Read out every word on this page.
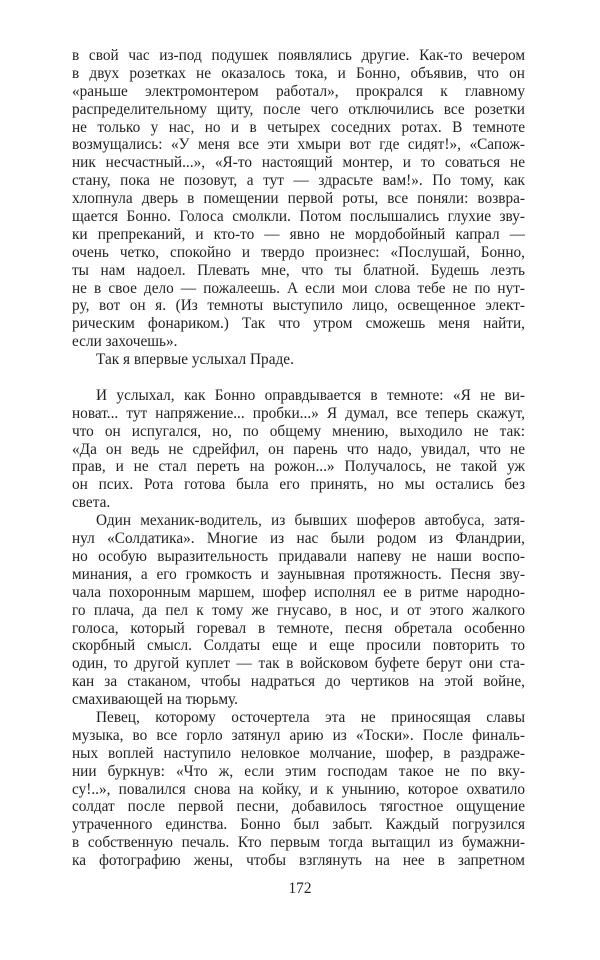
в свой час из-под подушек появлялись другие. Как-то вечером
в двух розетках не оказалось тока, и Бонно, объявив, что он
«раньше электромонтером работал», прокрался к главному
распределительному щиту, после чего отключились все розетки
не только у нас, но и в четырех соседних ротах. В темноте
возмущались: «У меня все эти хмыри вот где сидят!», «Сапож-
ник несчастный...», «Я-то настоящий монтер, и то соваться не
стану, пока не позовут, а тут — здрасьте вам!». По тому, как
хлопнула дверь в помещении первой роты, все поняли: возвра-
щается Бонно. Голоса смолкли. Потом послышались глухие зву-
ки препреканий, и кто-то — явно не мордобойный капрал —
очень четко, спокойно и твердо произнес: «Послушай, Бонно,
ты нам надоел. Плевать мне, что ты блатной. Будешь лезть
не в свое дело — пожалеешь. А если мои слова тебе не по нут-
ру, вот он я. (Из темноты выступило лицо, освещенное элект-
рическим фонариком.) Так что утром сможешь меня найти,
если захочешь».
Так я впервые услыхал Праде.
И услыхал, как Бонно оправдывается в темноте: «Я не ви-
новат... тут напряжение... пробки...» Я думал, все теперь скажут,
что он испугался, но, по общему мнению, выходило не так:
«Да он ведь не сдрейфил, он парень что надо, увидал, что не
прав, и не стал переть на рожон...» Получалось, не такой уж
он псих. Рота готова была его принять, но мы остались без
света.
Один механик-водитель, из бывших шоферов автобуса, затя-
нул «Солдатика». Многие из нас были родом из Фландрии,
но особую выразительность придавали напеву не наши воспо-
минания, а его громкость и заунывная протяжность. Песня зву-
чала похоронным маршем, шофер исполнял ее в ритме народно-
го плача, да пел к тому же гнусаво, в нос, и от этого жалкого
голоса, который горевал в темноте, песня обретала особенно
скорбный смысл. Солдаты еще и еще просили повторить то
один, то другой куплет — так в войсковом буфете берут они ста-
кан за стаканом, чтобы надраться до чертиков на этой войне,
смахивающей на тюрьму.
Певец, которому осточертела эта не приносящая славы
музыка, во все горло затянул арию из «Тоски». После финаль-
ных воплей наступило неловкое молчание, шофер, в раздраже-
нии буркнув: «Что ж, если этим господам такое не по вку-
су!..», повалился снова на койку, и к унынию, которое охватило
солдат после первой песни, добавилось тягостное ощущение
утраченного единства. Бонно был забыт. Каждый погрузился
в собственную печаль. Кто первым тогда вытащил из бумажни-
ка фотографию жены, чтобы взглянуть на нее в запретном
172
